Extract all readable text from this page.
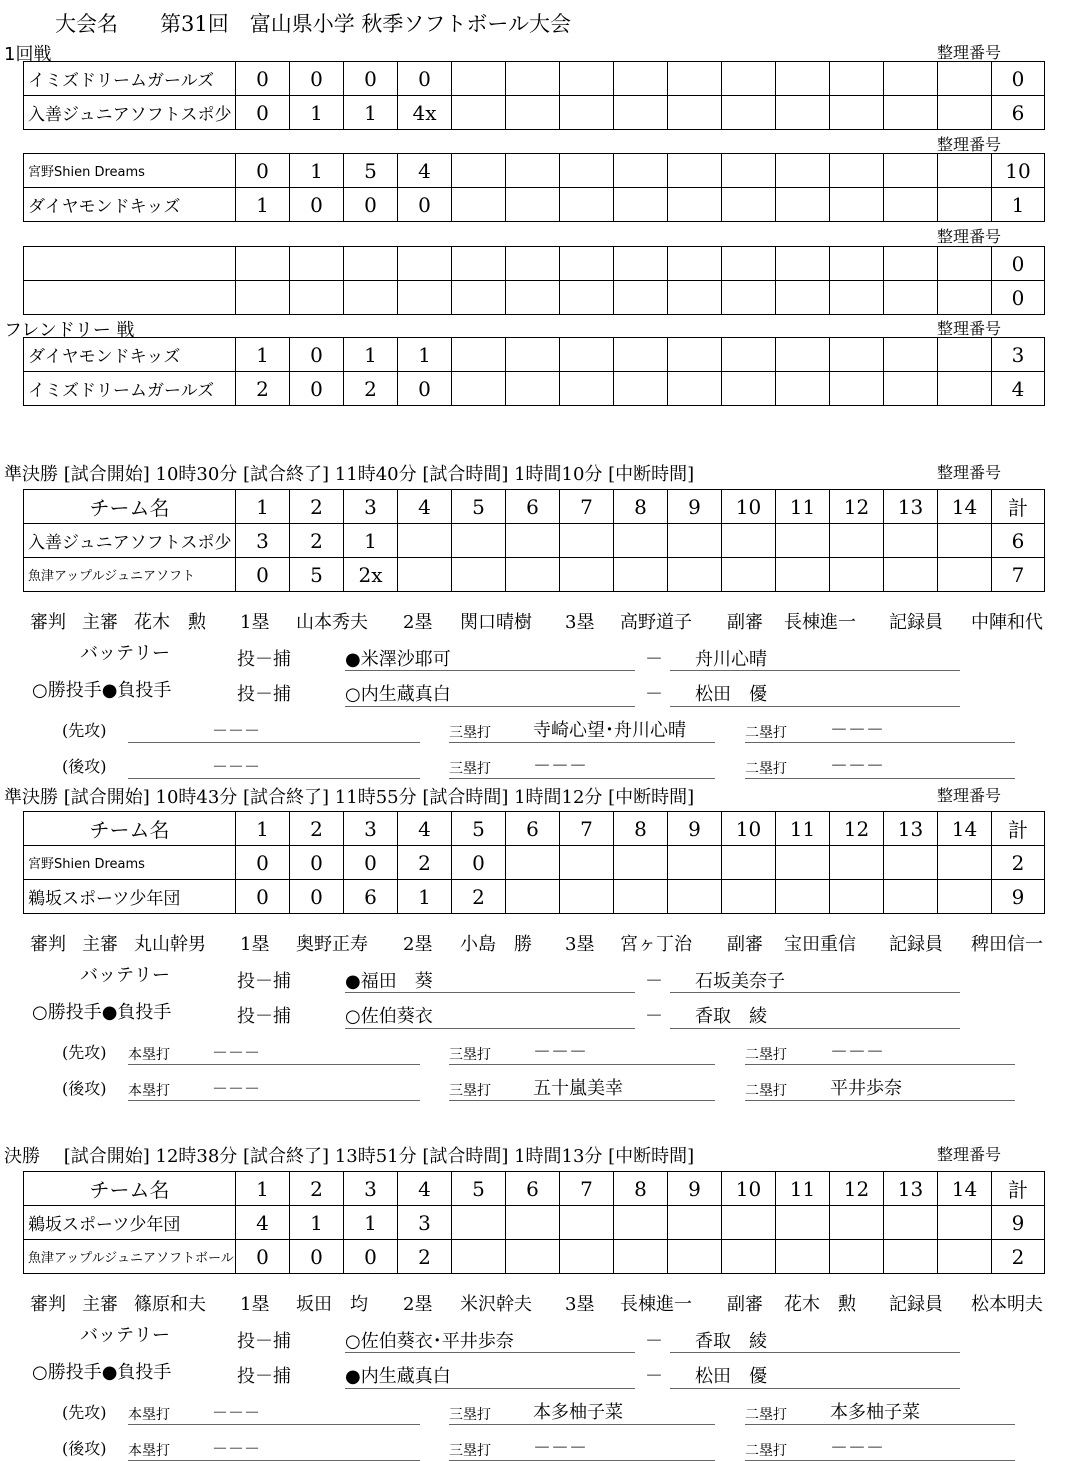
大会名 第31回　富山県小学 秋季ソフトボール大会
1回戦	整理番号
イミズドリームガールズ	0	0	0	0											0
入善ジュニアソフトスポ少	0	1	1	4x											6
整理番号
宮野Shien Dreams	0	1	5	4											10
ダイヤモンドキッズ	1	0	0	0											1
整理番号
															0
															0
フレンドリー 戦	整理番号
ダイヤモンドキッズ	1	0	1	1											3
イミズドリームガールズ	2	0	2	0											4
準決勝 [試合開始] 10時30分 [試合終了] 11時40分 [試合時間] 1時間10分 [中断時間]	整理番号
チーム名	1	2	3	4	5	6	7	8	9	10	11	12	13	14	計
入善ジュニアソフトスポ少	3	2	1												6
魚津アップルジュニアソフト	0	5	2x												7
審判 主審 花木　勲 1塁 山本秀夫 2塁 関口晴樹 3塁 高野道子 副審 長棟進一 記録員 中陣和代
バッテリー	投－捕	●米澤沙耶可	－ 舟川心晴
○勝投手●負投手	投－捕	○内生蔵真白	－ 松田　優
(先攻)	－－－	三塁打 寺崎心望･舟川心晴	二塁打 －－－
(後攻)	－－－	三塁打 －－－	二塁打 －－－
準決勝 [試合開始] 10時43分 [試合終了] 11時55分 [試合時間] 1時間12分 [中断時間]	整理番号
チーム名	1	2	3	4	5	6	7	8	9	10	11	12	13	14	計
宮野Shien Dreams	0	0	0	2	0										2
鵜坂スポーツ少年団	0	0	6	1	2										9
審判 主審 丸山幹男 1塁 奥野正寿 2塁 小島　勝 3塁 宮ヶ丁治 副審 宝田重信 記録員 稗田信一
バッテリー	投－捕	●福田　葵	－ 石坂美奈子
○勝投手●負投手	投－捕	○佐伯葵衣	－ 香取　綾
(先攻) 本塁打	－－－	三塁打 －－－	二塁打 －－－
(後攻) 本塁打	－－－	三塁打 五十嵐美幸	二塁打 平井歩奈
決勝　 [試合開始] 12時38分 [試合終了] 13時51分 [試合時間] 1時間13分 [中断時間]	整理番号
チーム名	1	2	3	4	5	6	7	8	9	10	11	12	13	14	計
鵜坂スポーツ少年団	4	1	1	3											9
魚津アップルジュニアソフトボール	0	0	0	2											2
審判 主審 篠原和夫 1塁 坂田　均 2塁 米沢幹夫 3塁 長棟進一 副審 花木　勲 記録員 松本明夫
バッテリー	投－捕	○佐伯葵衣･平井歩奈	－ 香取　綾
○勝投手●負投手	投－捕	●内生蔵真白	－ 松田　優
(先攻) 本塁打	－－－	三塁打 本多柚子菜	二塁打 本多柚子菜
(後攻) 本塁打	－－－	三塁打 －－－	二塁打 －－－
